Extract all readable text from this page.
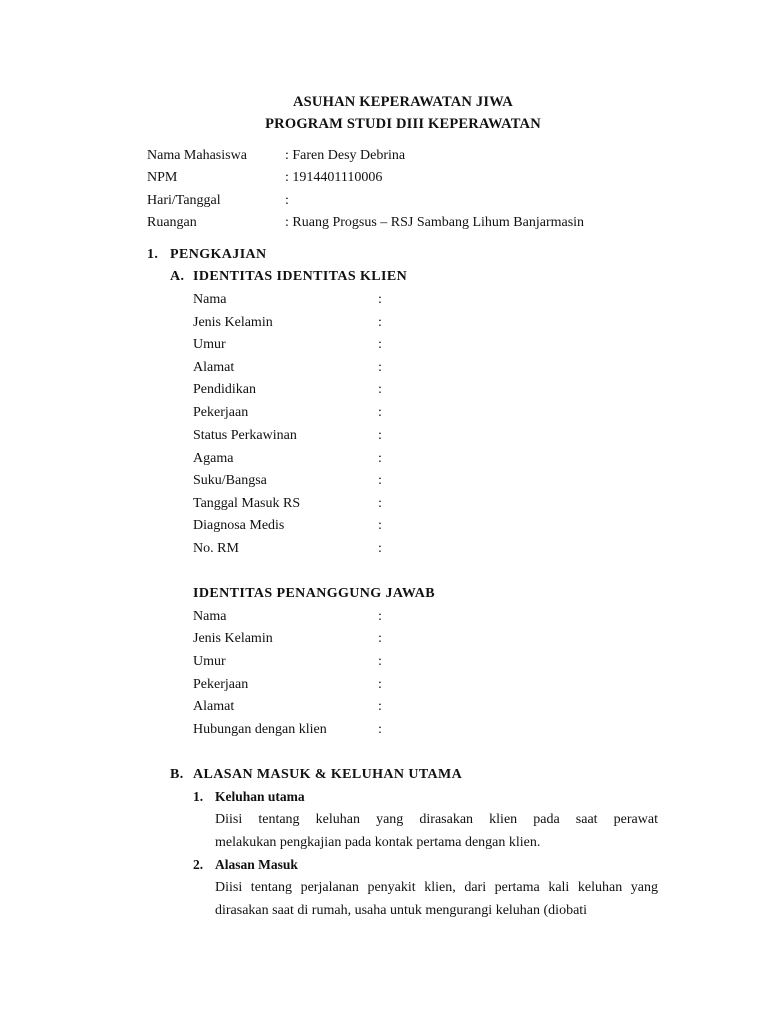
ASUHAN KEPERAWATAN JIWA
PROGRAM STUDI DIII KEPERAWATAN
Nama Mahasiswa	: Faren Desy Debrina
NPM	: 1914401110006
Hari/Tanggal	:
Ruangan	: Ruang Progsus – RSJ Sambang Lihum Banjarmasin
1. PENGKAJIAN
A. IDENTITAS IDENTITAS KLIEN
Nama	:
Jenis Kelamin	:
Umur	:
Alamat	:
Pendidikan	:
Pekerjaan	:
Status Perkawinan	:
Agama	:
Suku/Bangsa	:
Tanggal Masuk RS	:
Diagnosa Medis	:
No. RM	:
IDENTITAS PENANGGUNG JAWAB
Nama	:
Jenis Kelamin	:
Umur	:
Pekerjaan	:
Alamat	:
Hubungan dengan klien	:
B. ALASAN MASUK & KELUHAN UTAMA
1. Keluhan utama
Diisi tentang keluhan yang dirasakan klien pada saat perawat
melakukan pengkajian pada kontak pertama dengan klien.
2. Alasan Masuk
Diisi tentang perjalanan penyakit klien, dari pertama kali keluhan yang
dirasakan saat di rumah, usaha untuk mengurangi keluhan (diobati
